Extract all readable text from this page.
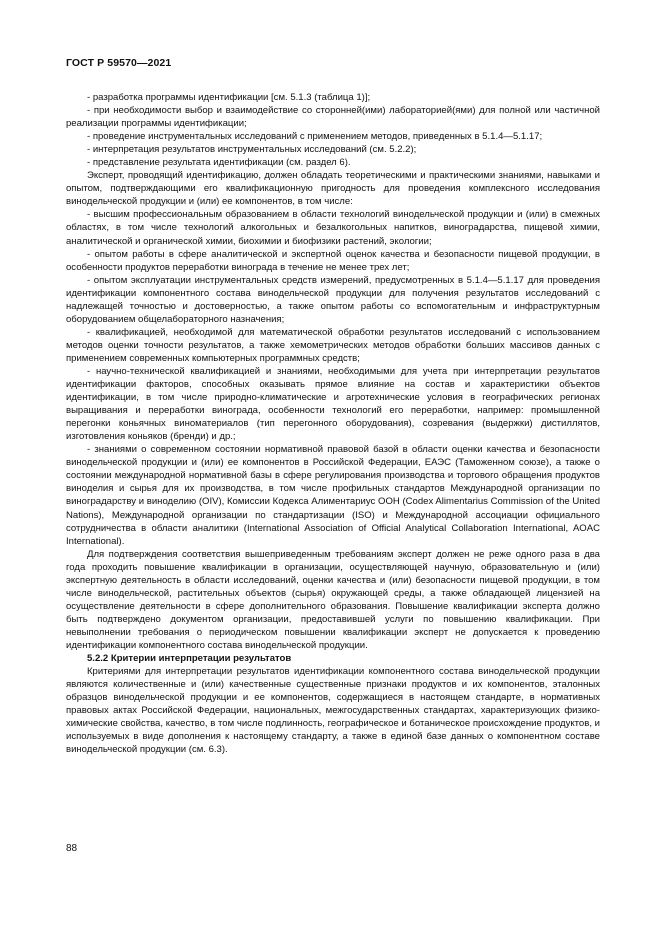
ГОСТ Р 59570—2021

- разработка программы идентификации [см. 5.1.3 (таблица 1)];

- при необходимости выбор и взаимодействие со сторонней(ими) лабораторией(ями) для полной или частичной реализации программы идентификации;

- проведение инструментальных исследований с применением методов, приведенных в 5.1.4—5.1.17;

- интерпретация результатов инструментальных исследований (см. 5.2.2);

- представление результата идентификации (см. раздел 6).

Эксперт, проводящий идентификацию, должен обладать теоретическими и практическими знаниями, навыками и опытом, подтверждающими его квалификационную пригодность для проведения комплексного исследования винодельческой продукции и (или) ее компонентов, в том числе:

- высшим профессиональным образованием в области технологий винодельческой продукции и (или) в смежных областях, в том числе технологий алкогольных и безалкогольных напитков, виноградарства, пищевой химии, аналитической и органической химии, биохимии и биофизики растений, экологии;

- опытом работы в сфере аналитической и экспертной оценок качества и безопасности пищевой продукции, в особенности продуктов переработки винограда в течение не менее трех лет;

- опытом эксплуатации инструментальных средств измерений, предусмотренных в 5.1.4—5.1.17 для проведения идентификации компонентного состава винодельческой продукции для получения результатов исследований с надлежащей точностью и достоверностью, а также опытом работы со вспомогательным и инфраструктурным оборудованием общелабораторного назначения;

- квалификацией, необходимой для математической обработки результатов исследований с использованием методов оценки точности результатов, а также хемометрических методов обработки больших массивов данных с применением современных компьютерных программных средств;

- научно-технической квалификацией и знаниями, необходимыми для учета при интерпретации результатов идентификации факторов, способных оказывать прямое влияние на состав и характеристики объектов идентификации, в том числе природно-климатические и агротехнические условия в географических регионах выращивания и переработки винограда, особенности технологий его переработки, например: промышленной перегонки коньячных виноматериалов (тип перегонного оборудования), созревания (выдержки) дистиллятов, изготовления коньяков (бренди) и др.;

- знаниями о современном состоянии нормативной правовой базой в области оценки качества и безопасности винодельческой продукции и (или) ее компонентов в Российской Федерации, ЕАЭС (Таможенном союзе), а также о состоянии международной нормативной базы в сфере регулирования производства и торгового обращения продуктов виноделия и сырья для их производства, в том числе профильных стандартов Международной организации по виноградарству и виноделию (OIV), Комиссии Кодекса Алиментариус ООН (Codex Alimentarius Commission of the United Nations), Международной организации по стандартизации (ISO) и Международной ассоциации официального сотрудничества в области аналитики (International Association of Official Analytical Collaboration International, AOAC International).

Для подтверждения соответствия вышеприведенным требованиям эксперт должен не реже одного раза в два года проходить повышение квалификации в организации, осуществляющей научную, образовательную и (или) экспертную деятельность в области исследований, оценки качества и (или) безопасности пищевой продукции, в том числе винодельческой, растительных объектов (сырья) окружающей среды, а также обладающей лицензией на осуществление деятельности в сфере дополнительного образования. Повышение квалификации эксперта должно быть подтверждено документом организации, предоставившей услуги по повышению квалификации. При невыполнении требования о периодическом повышении квалификации эксперт не допускается к проведению идентификации компонентного состава винодельческой продукции.

5.2.2 Критерии интерпретации результатов

Критериями для интерпретации результатов идентификации компонентного состава винодельческой продукции являются количественные и (или) качественные существенные признаки продуктов и их компонентов, эталонных образцов винодельческой продукции и ее компонентов, содержащиеся в настоящем стандарте, в нормативных правовых актах Российской Федерации, национальных, межгосударственных стандартах, характеризующих физико-химические свойства, качество, в том числе подлинность, географическое и ботаническое происхождение продуктов, и используемых в виде дополнения к настоящему стандарту, а также в единой базе данных о компонентном составе винодельческой продукции (см. 6.3).

88
